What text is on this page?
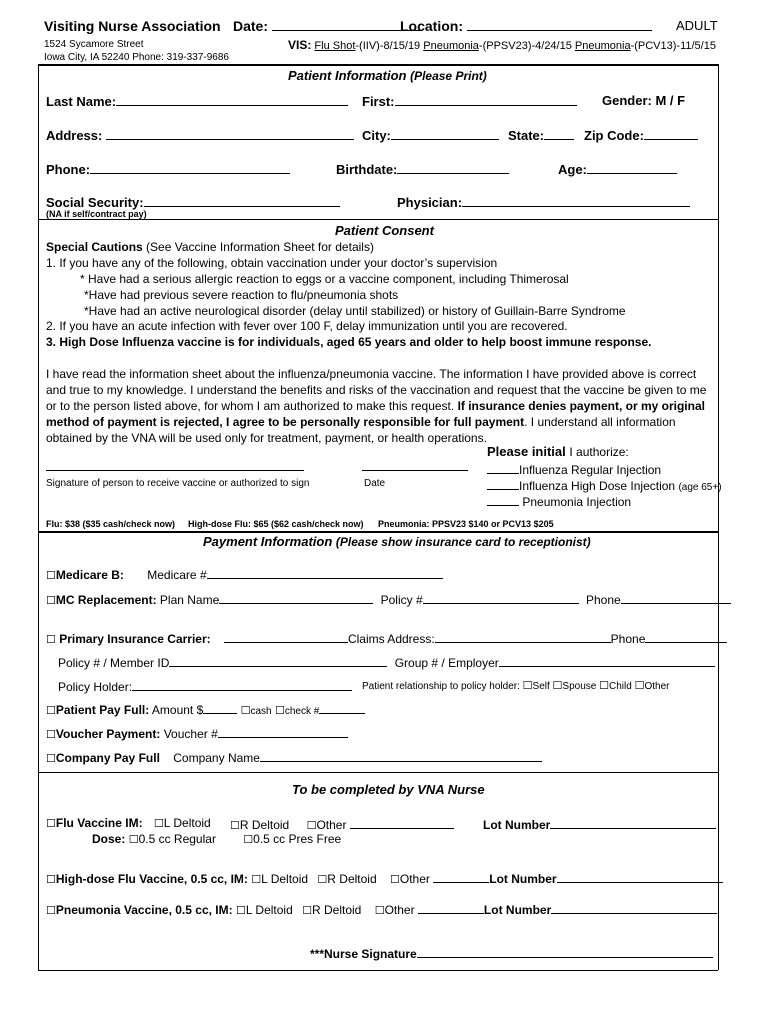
Visiting Nurse Association Date:	Location:	ADULT
1524 Sycamore Street
Iowa City, IA 52240 Phone: 319-337-9686
VIS: Flu Shot-(IIV)-8/15/19 Pneumonia-(PPSV23)-4/24/15 Pneumonia-(PCV13)-11/5/15
Patient Information (Please Print)
Last Name:	First:	Gender: M / F
Address:	City:	State:	Zip Code:
Phone:	Birthdate:	Age:
Social Security:
(NA if self/contract pay)
Physician:
Patient Consent
Special Cautions (See Vaccine Information Sheet for details)
1. If you have any of the following, obtain vaccination under your doctor’s supervision
* Have had a serious allergic reaction to eggs or a vaccine component, including Thimerosal
*Have had previous severe reaction to flu/pneumonia shots
*Have had an active neurological disorder (delay until stabilized) or history of Guillain-Barre Syndrome
2. If you have an acute infection with fever over 100 F, delay immunization until you are recovered.
3. High Dose Influenza vaccine is for individuals, aged 65 years and older to help boost immune response.

I have read the information sheet about the influenza/pneumonia vaccine. The information I have provided above is correct and true to my knowledge. I understand the benefits and risks of the vaccination and request that the vaccine be given to me or to the person listed above, for whom I am authorized to make this request. If insurance denies payment, or my original method of payment is rejected, I agree to be personally responsible for full payment. I understand all information obtained by the VNA will be used only for treatment, payment, or health operations.

Please initial I authorize:
Influenza Regular Injection
Influenza High Dose Injection (age 65+)
Pneumonia Injection
Signature of person to receive vaccine or authorized to sign	Date
Flu: $38 ($35 cash/check now) High-dose Flu: $65 ($62 cash/check now) Pneumonia: PPSV23 $140 or PCV13 $205
Payment Information (Please show insurance card to receptionist)
☐Medicare B: Medicare #
☐MC Replacement: Plan Name	Policy #	Phone
☐ Primary Insurance Carrier:	Claims Address:	Phone
Policy # / Member ID	Group # / Employer
Policy Holder:	Patient relationship to policy holder: ☐Self ☐Spouse ☐Child ☐Other
☐Patient Pay Full: Amount $	☐cash ☐check #
☐Voucher Payment: Voucher #
☐Company Pay Full Company Name
To be completed by VNA Nurse
☐Flu Vaccine IM: ☐L Deltoid ☐R Deltoid ☐Other	Lot Number
Dose: ☐0.5 cc Regular ☐0.5 cc Pres Free
☐High-dose Flu Vaccine, 0.5 cc, IM: ☐L Deltoid ☐R Deltoid ☐Other	Lot Number
☐Pneumonia Vaccine, 0.5 cc, IM: ☐L Deltoid ☐R Deltoid ☐Other	Lot Number
***Nurse Signature
